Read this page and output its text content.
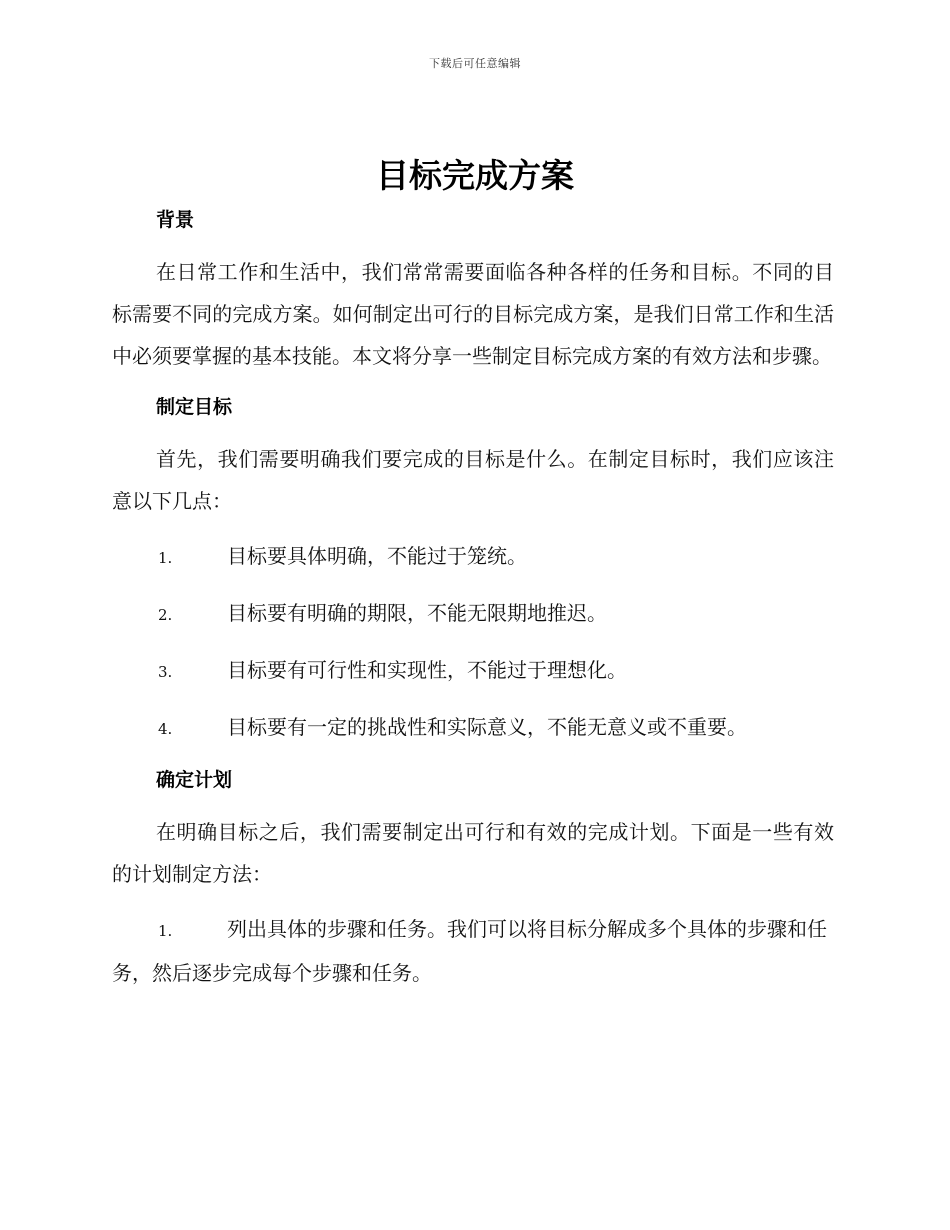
下载后可任意编辑
目标完成方案
背景

在日常工作和生活中，我们常常需要面临各种各样的任务和目标。不同的目标需要不同的完成方案。如何制定出可行的目标完成方案，是我们日常工作和生活中必须要掌握的基本技能。本文将分享一些制定目标完成方案的有效方法和步骤。

制定目标

首先，我们需要明确我们要完成的目标是什么。在制定目标时，我们应该注意以下几点：

1.	目标要具体明确，不能过于笼统。

2.	目标要有明确的期限，不能无限期地推迟。

3.	目标要有可行性和实现性，不能过于理想化。

4.	目标要有一定的挑战性和实际意义，不能无意义或不重要。

确定计划

在明确目标之后，我们需要制定出可行和有效的完成计划。下面是一些有效的计划制定方法：

1.	列出具体的步骤和任务。我们可以将目标分解成多个具体的步骤和任务，然后逐步完成每个步骤和任务。
